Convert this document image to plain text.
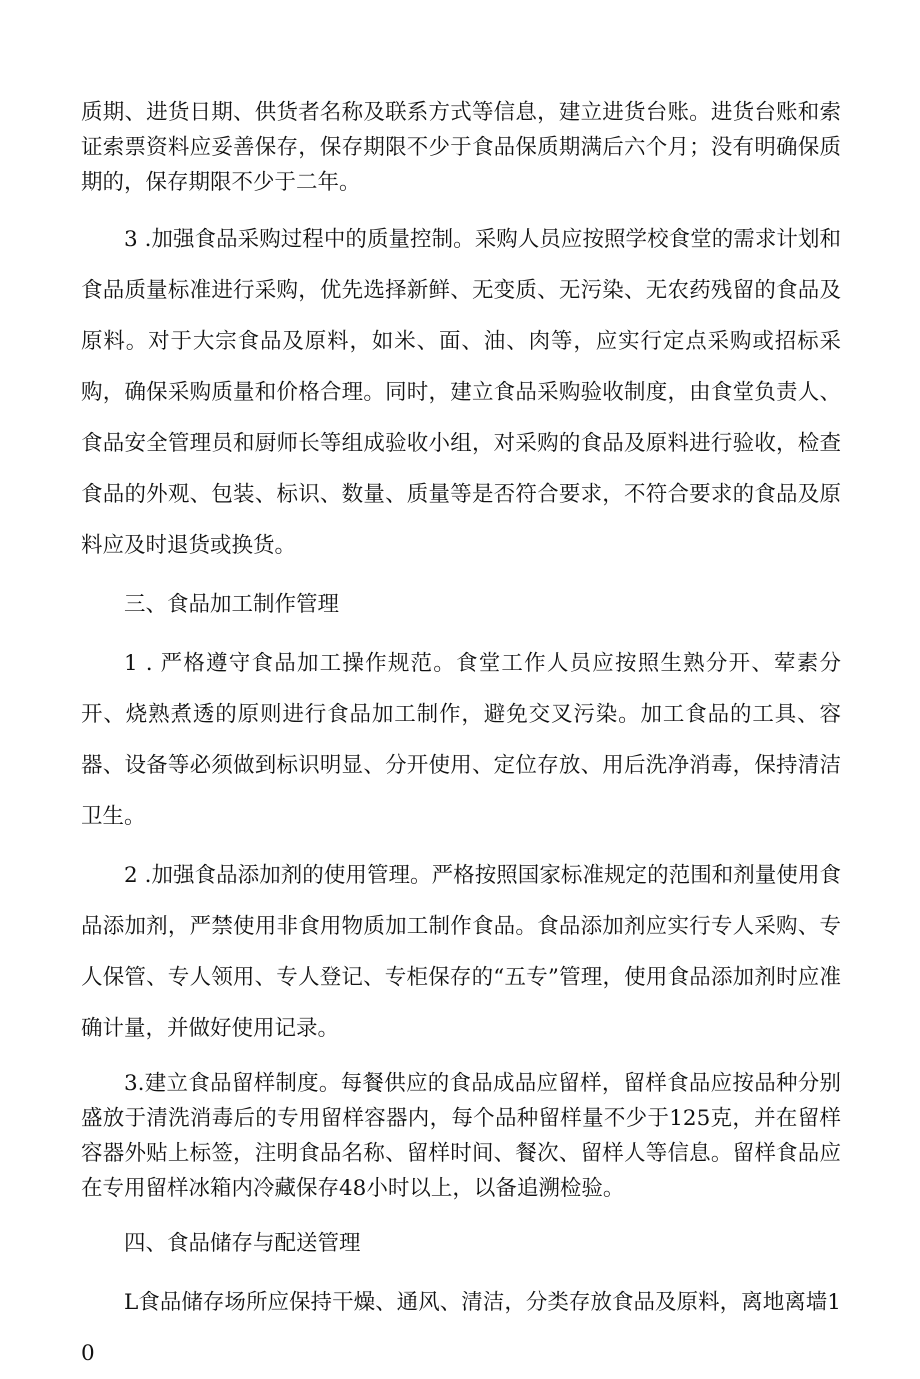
质期、进货日期、供货者名称及联系方式等信息，建立进货台账。进货台账和索证索票资料应妥善保存，保存期限不少于食品保质期满后六个月；没有明确保质期的，保存期限不少于二年。

3 .加强食品采购过程中的质量控制。采购人员应按照学校食堂的需求计划和食品质量标准进行采购，优先选择新鲜、无变质、无污染、无农药残留的食品及原料。对于大宗食品及原料，如米、面、油、肉等，应实行定点采购或招标采购，确保采购质量和价格合理。同时，建立食品采购验收制度，由食堂负责人、食品安全管理员和厨师长等组成验收小组，对采购的食品及原料进行验收，检查食品的外观、包装、标识、数量、质量等是否符合要求，不符合要求的食品及原料应及时退货或换货。

三、食品加工制作管理

1 . 严格遵守食品加工操作规范。食堂工作人员应按照生熟分开、荤素分开、烧熟煮透的原则进行食品加工制作，避免交叉污染。加工食品的工具、容器、设备等必须做到标识明显、分开使用、定位存放、用后洗净消毒，保持清洁卫生。

2 .加强食品添加剂的使用管理。严格按照国家标准规定的范围和剂量使用食品添加剂，严禁使用非食用物质加工制作食品。食品添加剂应实行专人采购、专人保管、专人领用、专人登记、专柜保存的“五专”管理，使用食品添加剂时应准确计量，并做好使用记录。

3.建立食品留样制度。每餐供应的食品成品应留样，留样食品应按品种分别盛放于清洗消毒后的专用留样容器内，每个品种留样量不少于125克，并在留样容器外贴上标签，注明食品名称、留样时间、餐次、留样人等信息。留样食品应在专用留样冰箱内冷藏保存48小时以上，以备追溯检验。

四、食品储存与配送管理

L食品储存场所应保持干燥、通风、清洁，分类存放食品及原料，离地离墙10
